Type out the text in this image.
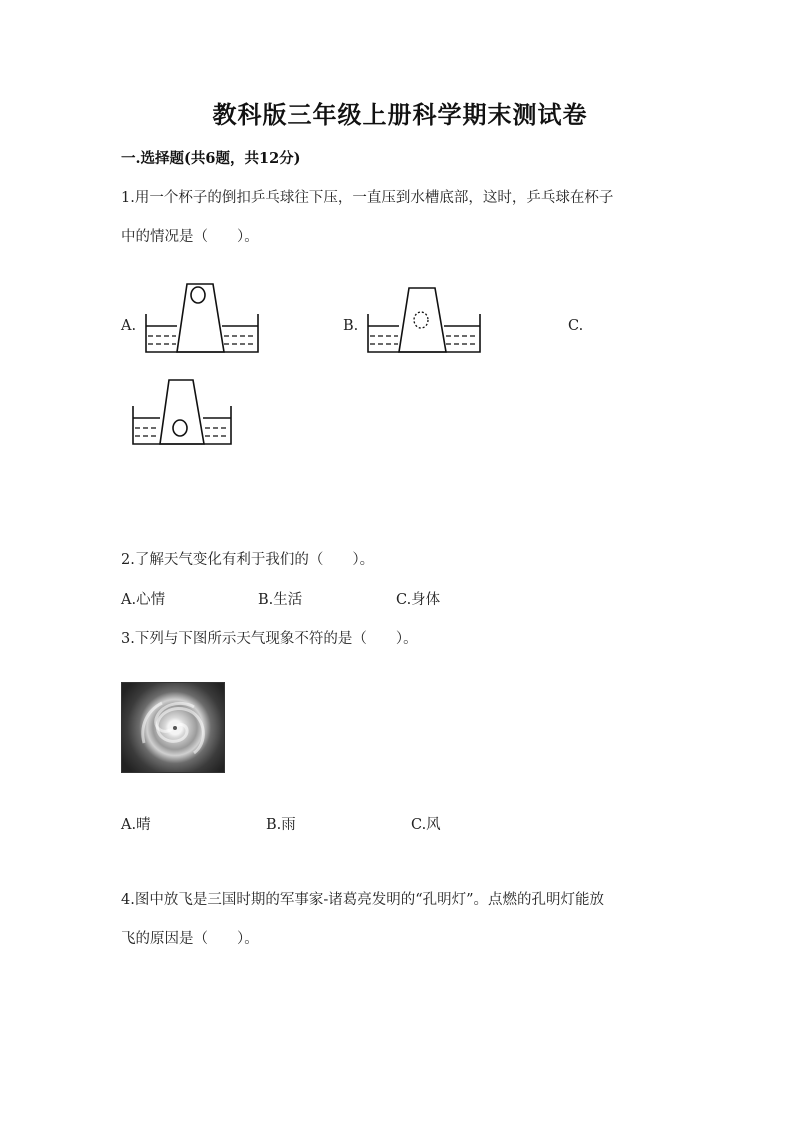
教科版三年级上册科学期末测试卷
一.选择题(共6题，共12分)
1.用一个杯子的倒扣乒乓球往下压，一直压到水槽底部，这时，乒乓球在杯子
中的情况是（　　）。
A.	B.	C.
2.了解天气变化有利于我们的（　　）。
A.心情	B.生活	C.身体
3.下列与下图所示天气现象不符的是（　　）。
A.晴	B.雨	C.风
4.图中放飞是三国时期的军事家-诸葛亮发明的“孔明灯”。点燃的孔明灯能放
飞的原因是（　　）。
